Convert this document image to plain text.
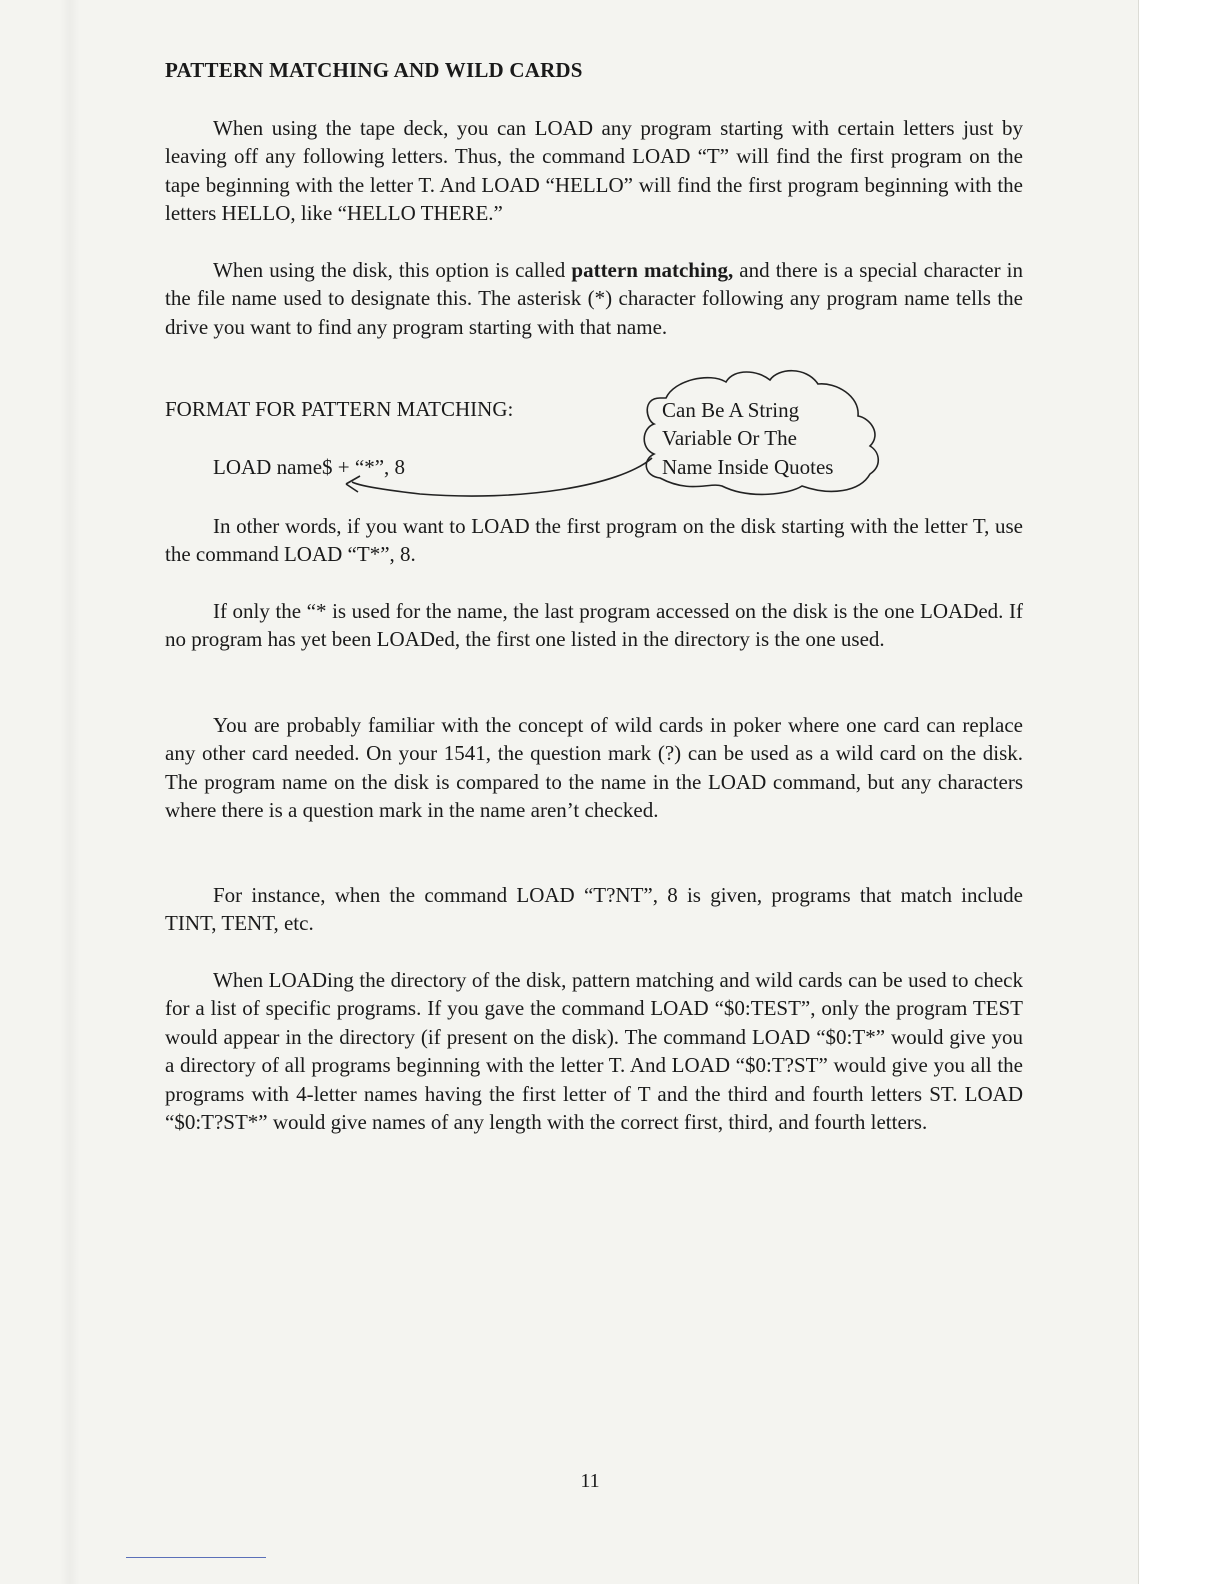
PATTERN MATCHING AND WILD CARDS

When using the tape deck, you can LOAD any program starting with certain letters just by leaving off any following letters. Thus, the command LOAD “T” will find the first program on the tape beginning with the letter T. And LOAD “HELLO” will find the first program beginning with the letters HELLO, like “HELLO THERE.”

When using the disk, this option is called pattern matching, and there is a special character in the file name used to designate this. The asterisk (*) character following any program name tells the drive you want to find any program starting with that name.

FORMAT FOR PATTERN MATCHING:

LOAD name$ + “*”, 8

Can Be A String
Variable Or The
Name Inside Quotes

In other words, if you want to LOAD the first program on the disk starting with the letter T, use the command LOAD “T*”, 8.

If only the “* is used for the name, the last program accessed on the disk is the one LOADed. If no program has yet been LOADed, the first one listed in the directory is the one used.

You are probably familiar with the concept of wild cards in poker where one card can replace any other card needed. On your 1541, the question mark (?) can be used as a wild card on the disk. The program name on the disk is compared to the name in the LOAD command, but any characters where there is a question mark in the name aren’t checked.

For instance, when the command LOAD “T?NT”, 8 is given, programs that match include TINT, TENT, etc.

When LOADing the directory of the disk, pattern matching and wild cards can be used to check for a list of specific programs. If you gave the command LOAD “$0:TEST”, only the program TEST would appear in the directory (if present on the disk). The command LOAD “$0:T*” would give you a directory of all programs beginning with the letter T. And LOAD “$0:T?ST” would give you all the programs with 4-letter names having the first letter of T and the third and fourth letters ST. LOAD “$0:T?ST*” would give names of any length with the correct first, third, and fourth letters.

11
